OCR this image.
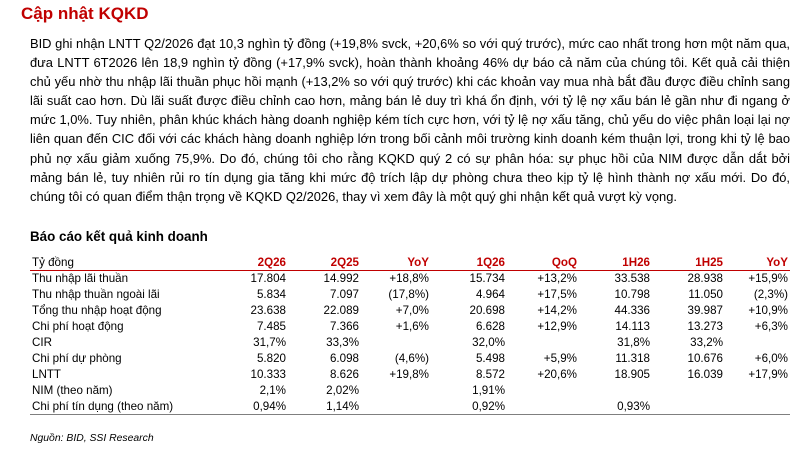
Cập nhật KQKD

BID ghi nhận LNTT Q2/2026 đạt 10,3 nghìn tỷ đồng (+19,8% svck, +20,6% so với quý trước), mức cao nhất trong hơn một năm qua, đưa LNTT 6T2026 lên 18,9 nghìn tỷ đồng (+17,9% svck), hoàn thành khoảng 46% dự báo cả năm của chúng tôi. Kết quả cải thiện chủ yếu nhờ thu nhập lãi thuần phục hồi mạnh (+13,2% so với quý trước) khi các khoản vay mua nhà bắt đầu được điều chỉnh sang lãi suất cao hơn. Dù lãi suất được điều chỉnh cao hơn, mảng bán lẻ duy trì khá ổn định, với tỷ lệ nợ xấu bán lẻ gần như đi ngang ở mức 1,0%. Tuy nhiên, phân khúc khách hàng doanh nghiệp kém tích cực hơn, với tỷ lệ nợ xấu tăng, chủ yếu do việc phân loại lại nợ liên quan đến CIC đối với các khách hàng doanh nghiệp lớn trong bối cảnh môi trường kinh doanh kém thuận lợi, trong khi tỷ lệ bao phủ nợ xấu giảm xuống 75,9%. Do đó, chúng tôi cho rằng KQKD quý 2 có sự phân hóa: sự phục hồi của NIM được dẫn dắt bởi mảng bán lẻ, tuy nhiên rủi ro tín dụng gia tăng khi mức độ trích lập dự phòng chưa theo kịp tỷ lệ hình thành nợ xấu mới. Do đó, chúng tôi có quan điểm thận trọng về KQKD Q2/2026, thay vì xem đây là một quý ghi nhận kết quả vượt kỳ vọng.

Báo cáo kết quả kinh doanh
Tỷ đồng	2Q26	2Q25	YoY	1Q26	QoQ	1H26	1H25	YoY
Thu nhập lãi thuần	17.804	14.992	+18,8%	15.734	+13,2%	33.538	28.938	+15,9%
Thu nhập thuần ngoài lãi	5.834	7.097	(17,8%)	4.964	+17,5%	10.798	11.050	(2,3%)
Tổng thu nhập hoạt động	23.638	22.089	+7,0%	20.698	+14,2%	44.336	39.987	+10,9%
Chi phí hoạt động	7.485	7.366	+1,6%	6.628	+12,9%	14.113	13.273	+6,3%
CIR	31,7%	33,3%		32,0%		31,8%	33,2%	
Chi phí dự phòng	5.820	6.098	(4,6%)	5.498	+5,9%	11.318	10.676	+6,0%
LNTT	10.333	8.626	+19,8%	8.572	+20,6%	18.905	16.039	+17,9%
NIM (theo năm)	2,1%	2,02%		1,91%				
Chi phí tín dụng (theo năm)	0,94%	1,14%		0,92%		0,93%		
Nguồn: BID, SSI Research
